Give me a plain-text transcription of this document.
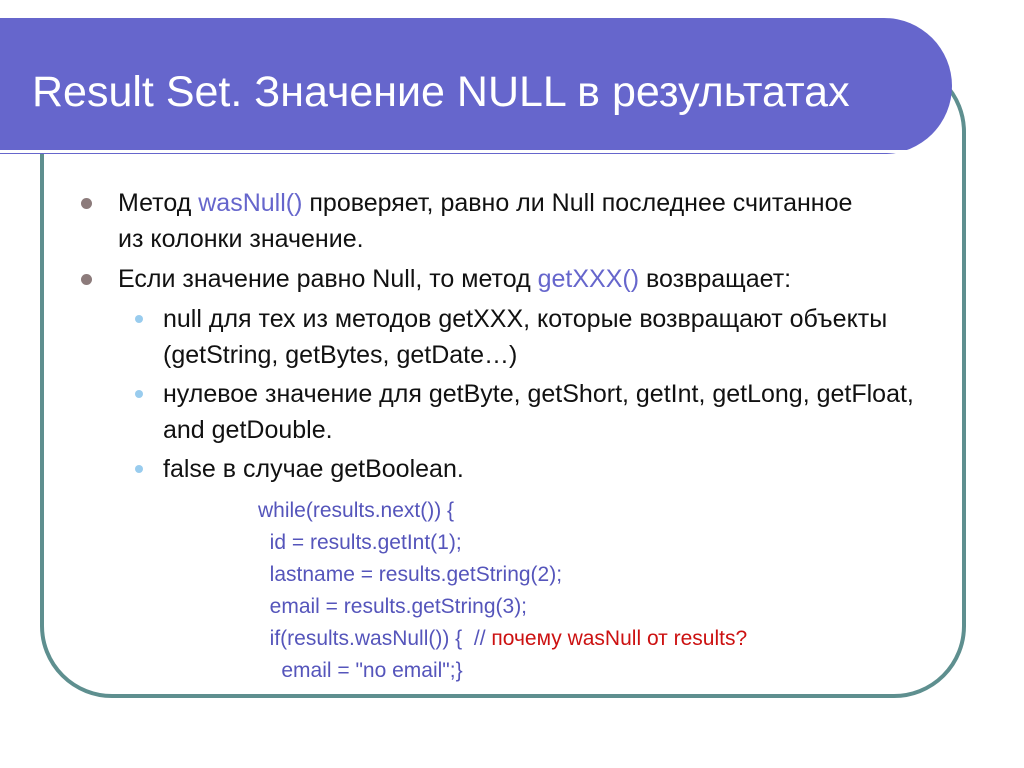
Result Set. Значение NULL в результатах
Метод wasNull() проверяет, равно ли Null последнее считанное из колонки значение.
Если значение равно Null, то метод getXXX() возвращает:
null для тех из методов getXXX, которые возвращают объекты (getString, getBytes, getDate…)
нулевое значение для getByte, getShort, getInt, getLong, getFloat, and getDouble.
false в случае getBoolean.
while(results.next()) {
id = results.getInt(1);
lastname = results.getString(2);
email = results.getString(3);
if(results.wasNull()) {  // почему wasNull от results?
email = "no email";}
